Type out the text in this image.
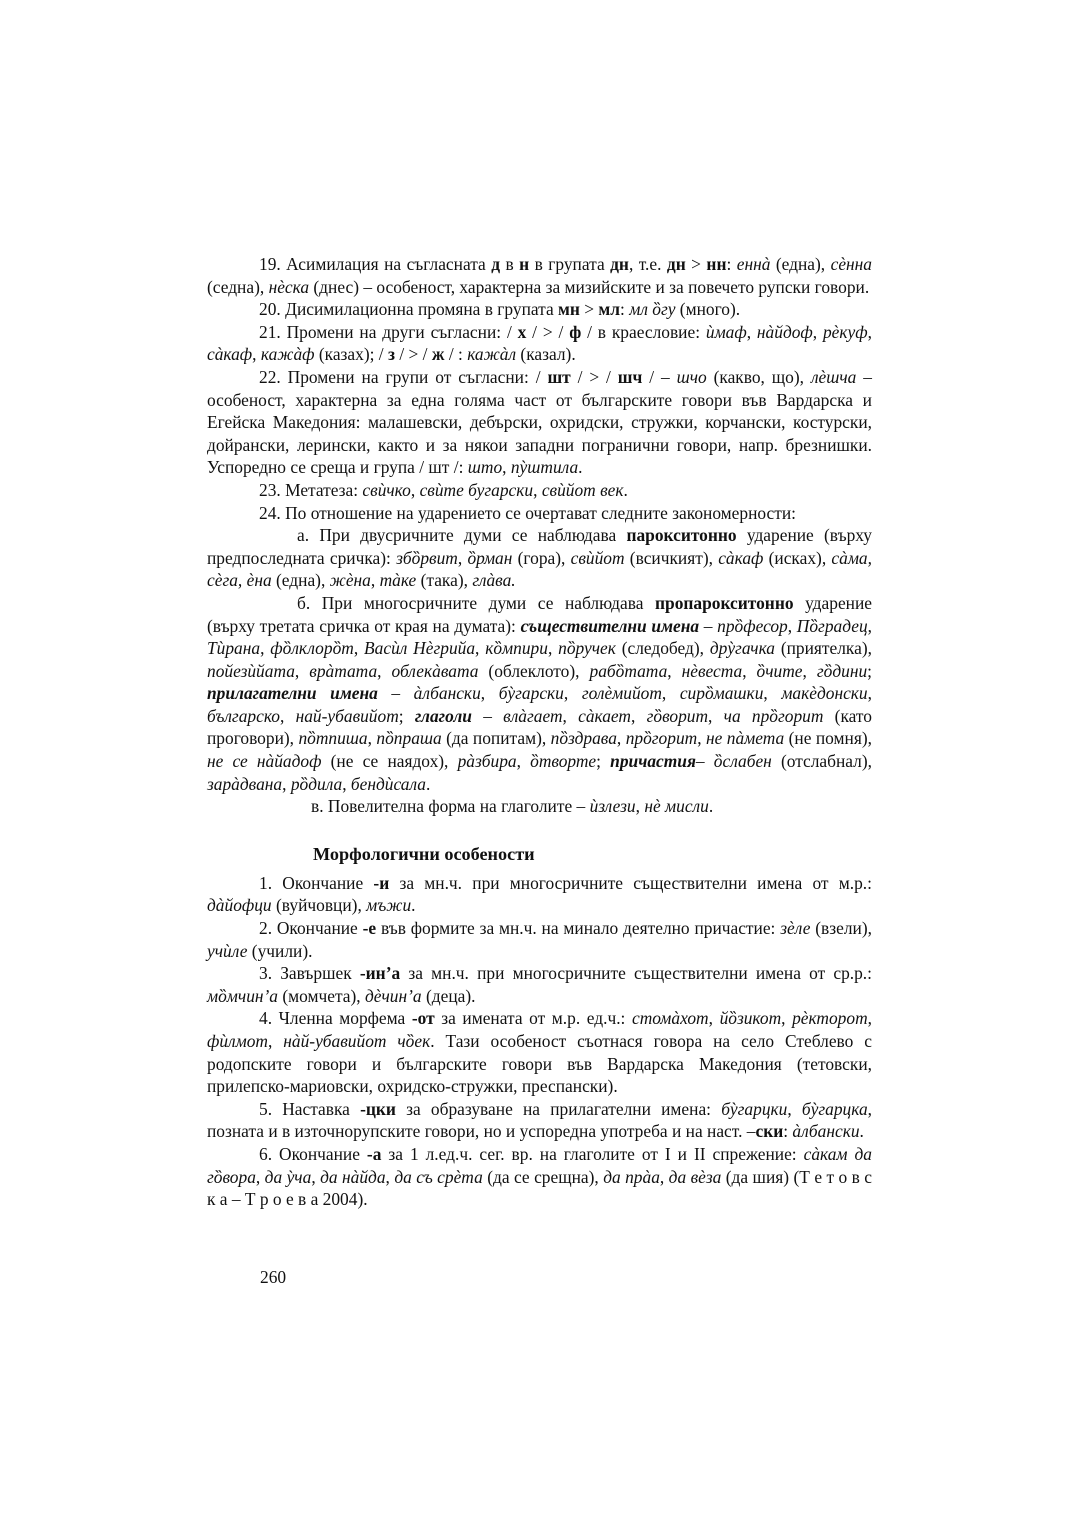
19. Асимилация на съгласната д в н в групата дн, т.е. дн > нн: еннà (една), сèнна (седна), нèска (днес) – особеност, характерна за мизийските и за повечето рупски говори.

20. Дисимилационна промяна в групата мн > мл: мл ȍгу (много).

21. Промени на други съгласни: / х / > / ф / в краесловие: ѝмаф, нàйдоф, рèкуф, сàкаф, кажàф (казах); / з / > / ж / : кажàл (казал).

22. Промени на групи от съгласни: / шт / > / шч / – шчо (какво, що), лèшча – особеност, характерна за една голяма част от българските говори във Вардарска и Егейска Македония: малашевски, дебърски, охридски, стружки, корчански, костурски, дойрански, лерински, както и за някои западни погранични говори, напр. брезнишки. Успоредно се среща и група / шт /: што, пỳштила.

23. Метатеза: свѝчко, свѝте бугарски, свѝйот век.

24. По отношение на ударението се очертават следните закономерности:

а. При двусричните думи се наблюдава парокситонно ударение (върху предпоследната сричка): збȍрвит, ȍрман (гора), свѝйот (всичкият), сàкаф (исках), сàма, сèга, ѐна (една), жѐна, тàке (така), глàва.

б. При многосричните думи се наблюдава пропарокситонно ударение (върху третата сричка от края на думата): съществителни имена – прȍфесор, Пȍградец, Тѝрана, фȍлклорȍт, Васѝл Нѐгрийа, кȍмпири, пȍручек (следобед), дрỳгачка (приятелка), пойезѝйата, врàтата, облекàвата (облеклото), рабȍтата, нѐвеста, ȍчите, гȍдини; прилагателни имена – àлбански, бỳгарски, голѐмийот, сирȍмашки, макѐдонски, българско, най-убавийот; глаголи – влàгает, сàкает, гȍворит, ча прȍгорит (като проговори), пȍтпиша, пȍпраша (да попитам), пȍздрава, прȍгорит, не пàмета (не помня), не се нàйадоф (не се наядох), рàзбира, ȍтворте; причастия– ȍслабен (отслабнал), зарàдвана, рȍдила, бендѝсала.

в. Повелителна форма на глаголите – ѝзлези, нѐ мисли.

Морфологични особености

1. Окончание -и за мн.ч. при многосричните съществителни имена от м.р.: дàйофци (вуйчовци), мъжи.

2. Окончание -е във формите за мн.ч. на минало деятелно причастие: зѐле (взели), учѝле (учили).

3. Завършек -ин’а за мн.ч. при многосричните съществителни имена от ср.р.: мȍмчин’а (момчета), дѐчин’а (деца).

4. Членна морфема -от за имената от м.р. ед.ч.: стомàхот, йȍзикот, рѐкторот, фѝлмот, нàй-убавийот чȍек. Тази особеност съотнася говора на село Стеблево с родопските говори и българските говори във Вардарска Македония (тетовски, прилепско-мариовски, охридско-стружки, преспански).

5. Наставка -цки за образуване на прилагателни имена: бỳгарцки, бỳгарцка, позната и в източнорупските говори, но и успоредна употреба и на наст. –ски: àлбански.

6. Окончание -а за 1 л.ед.ч. сег. вр. на глаголите от I и II спрежение: сàкам да гȍвора, да ỳча, да нàйда, да съ срѐта (да се срещна), да прàа, да вѐза (да шия) (Т е т о в с к а – Т р о е в а 2004).

260
